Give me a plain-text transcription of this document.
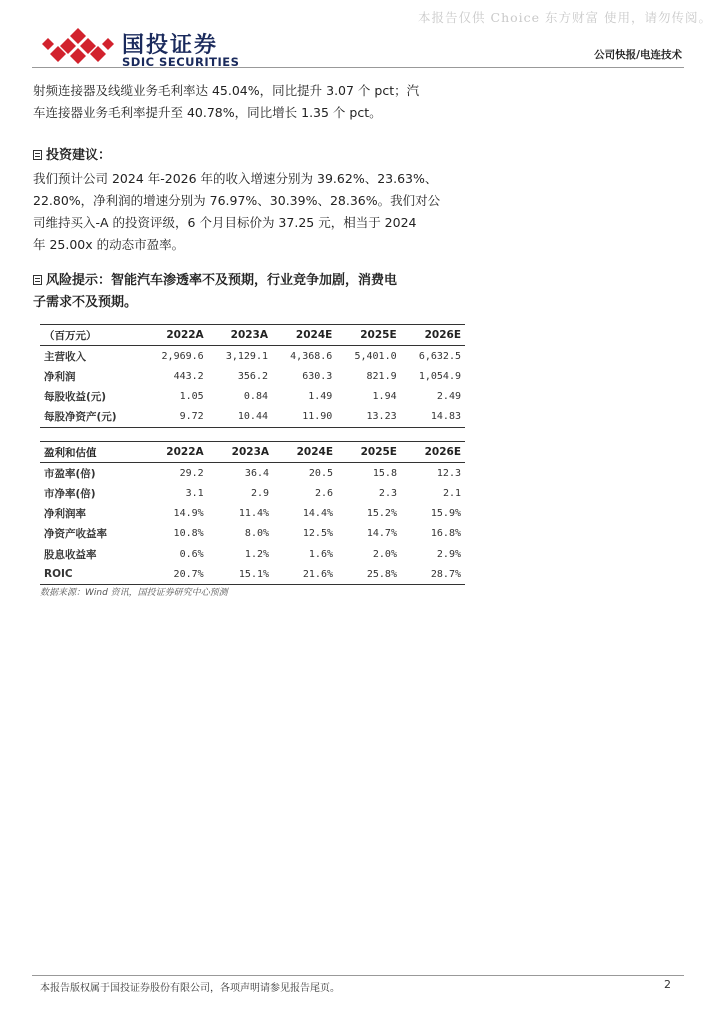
本报告仅供 Choice 东方财富 使用，请勿传阅。
国投证券
SDIC SECURITIES	公司快报/电连技术
射频连接器及线缆业务毛利率达 45.04%，同比提升 3.07 个 pct；汽
车连接器业务毛利率提升至 40.78%，同比增长 1.35 个 pct。
投资建议：
我们预计公司 2024 年-2026 年的收入增速分别为 39.62%、23.63%、
22.80%，净利润的增速分别为 76.97%、30.39%、28.36%。我们对公
司维持买入-A 的投资评级，6 个月目标价为 37.25 元，相当于 2024
年 25.00x 的动态市盈率。
风险提示：智能汽车渗透率不及预期，行业竞争加剧，消费电
子需求不及预期。
（百万元）	2022A	2023A	2024E	2025E	2026E
主营收入	2,969.6	3,129.1	4,368.6	5,401.0	6,632.5
净利润	443.2	356.2	630.3	821.9	1,054.9
每股收益(元)	1.05	0.84	1.49	1.94	2.49
每股净资产(元)	9.72	10.44	11.90	13.23	14.83
盈利和估值	2022A	2023A	2024E	2025E	2026E
市盈率(倍)	29.2	36.4	20.5	15.8	12.3
市净率(倍)	3.1	2.9	2.6	2.3	2.1
净利润率	14.9%	11.4%	14.4%	15.2%	15.9%
净资产收益率	10.8%	8.0%	12.5%	14.7%	16.8%
股息收益率	0.6%	1.2%	1.6%	2.0%	2.9%
ROIC	20.7%	15.1%	21.6%	25.8%	28.7%
数据来源：Wind 资讯，国投证券研究中心预测
本报告版权属于国投证券股份有限公司，各项声明请参见报告尾页。	2
